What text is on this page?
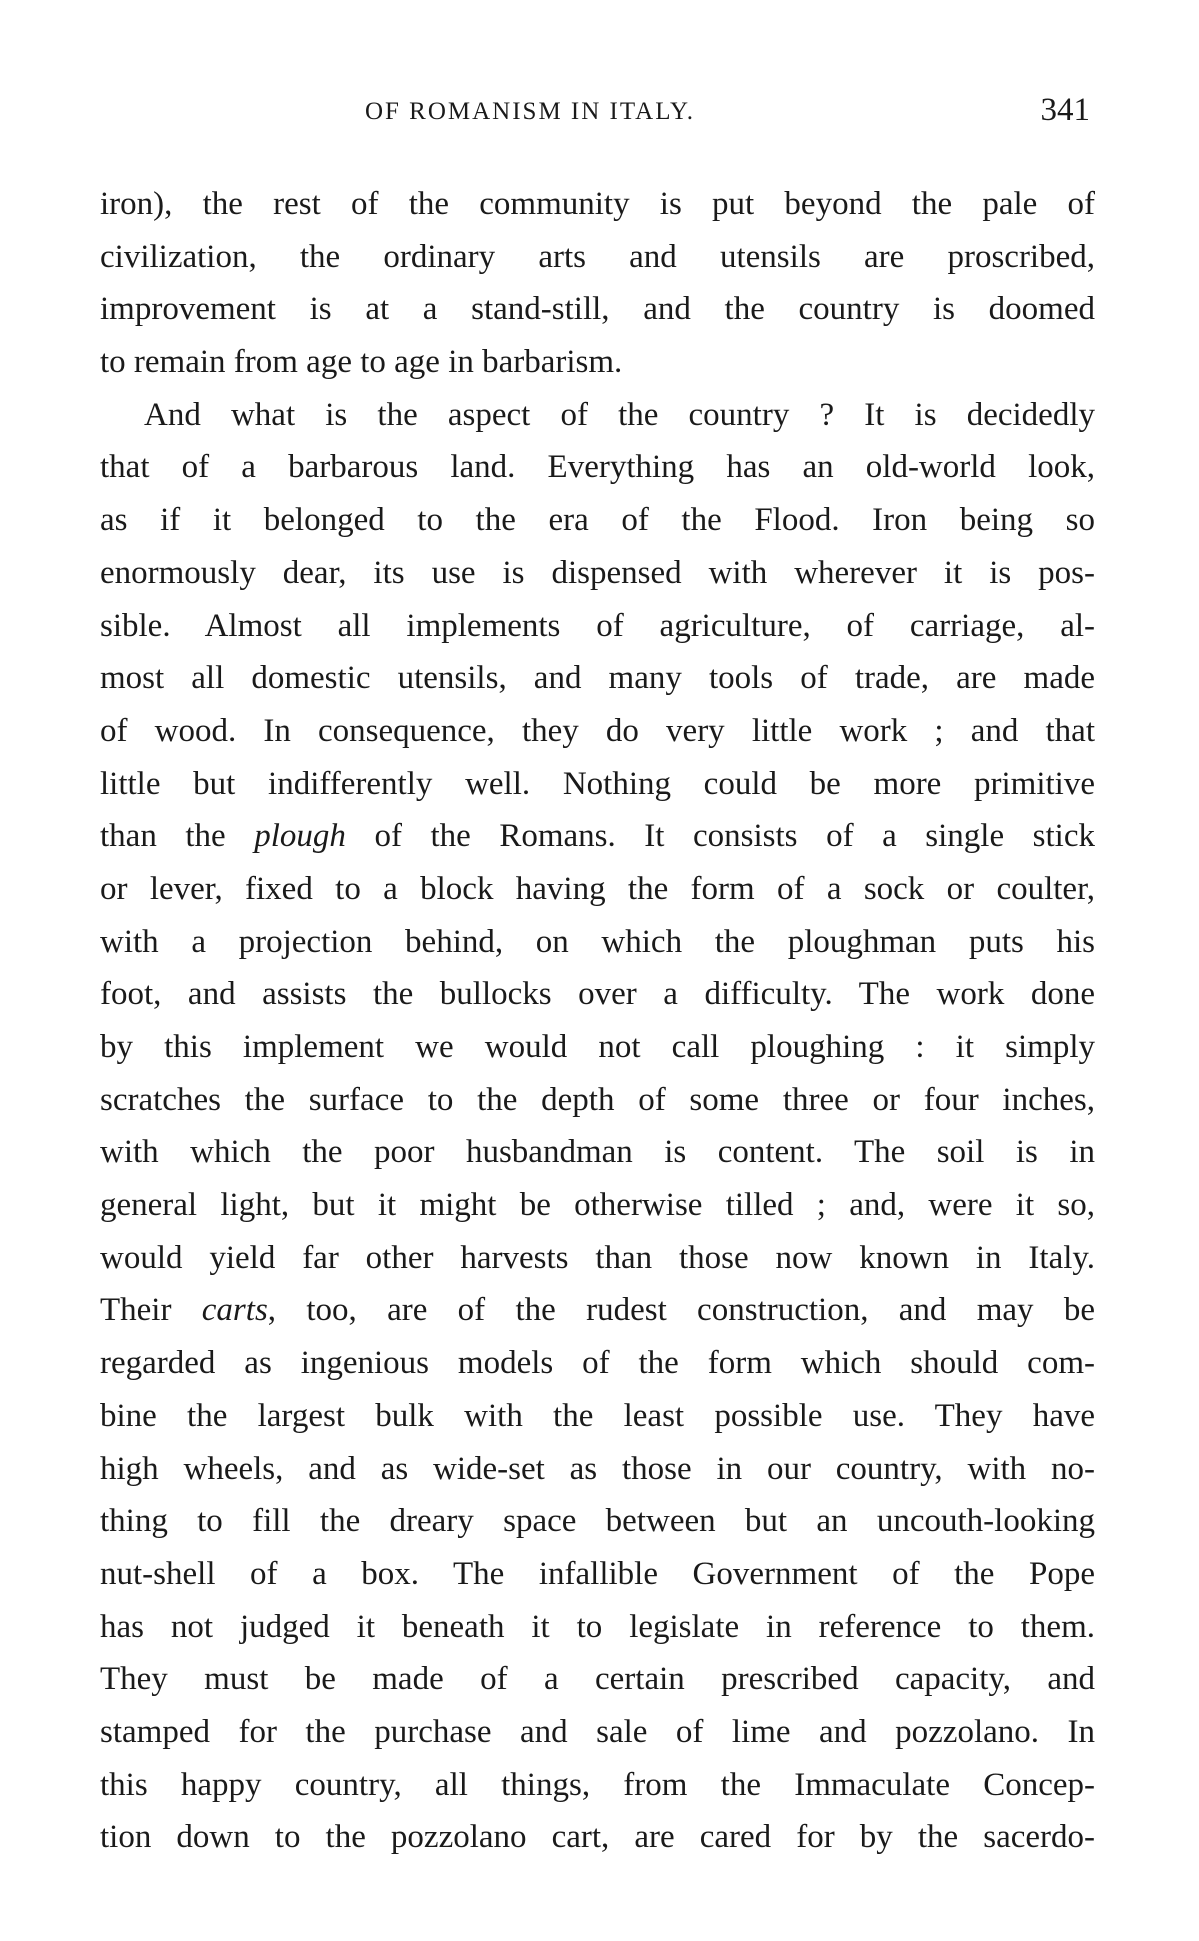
OF ROMANISM IN ITALY.	341
iron), the rest of the community is put beyond the pale of
civilization, the ordinary arts and utensils are proscribed,
improvement is at a stand-still, and the country is doomed
to remain from age to age in barbarism.
And what is the aspect of the country ? It is decidedly
that of a barbarous land. Everything has an old-world look,
as if it belonged to the era of the Flood. Iron being so
enormously dear, its use is dispensed with wherever it is pos-
sible. Almost all implements of agriculture, of carriage, al-
most all domestic utensils, and many tools of trade, are made
of wood. In consequence, they do very little work ; and that
little but indifferently well. Nothing could be more primitive
than the plough of the Romans. It consists of a single stick
or lever, fixed to a block having the form of a sock or coulter,
with a projection behind, on which the ploughman puts his
foot, and assists the bullocks over a difficulty. The work done
by this implement we would not call ploughing : it simply
scratches the surface to the depth of some three or four inches,
with which the poor husbandman is content. The soil is in
general light, but it might be otherwise tilled ; and, were it so,
would yield far other harvests than those now known in Italy.
Their carts, too, are of the rudest construction, and may be
regarded as ingenious models of the form which should com-
bine the largest bulk with the least possible use. They have
high wheels, and as wide-set as those in our country, with no-
thing to fill the dreary space between but an uncouth-looking
nut-shell of a box. The infallible Government of the Pope
has not judged it beneath it to legislate in reference to them.
They must be made of a certain prescribed capacity, and
stamped for the purchase and sale of lime and pozzolano. In
this happy country, all things, from the Immaculate Concep-
tion down to the pozzolano cart, are cared for by the sacerdo-
